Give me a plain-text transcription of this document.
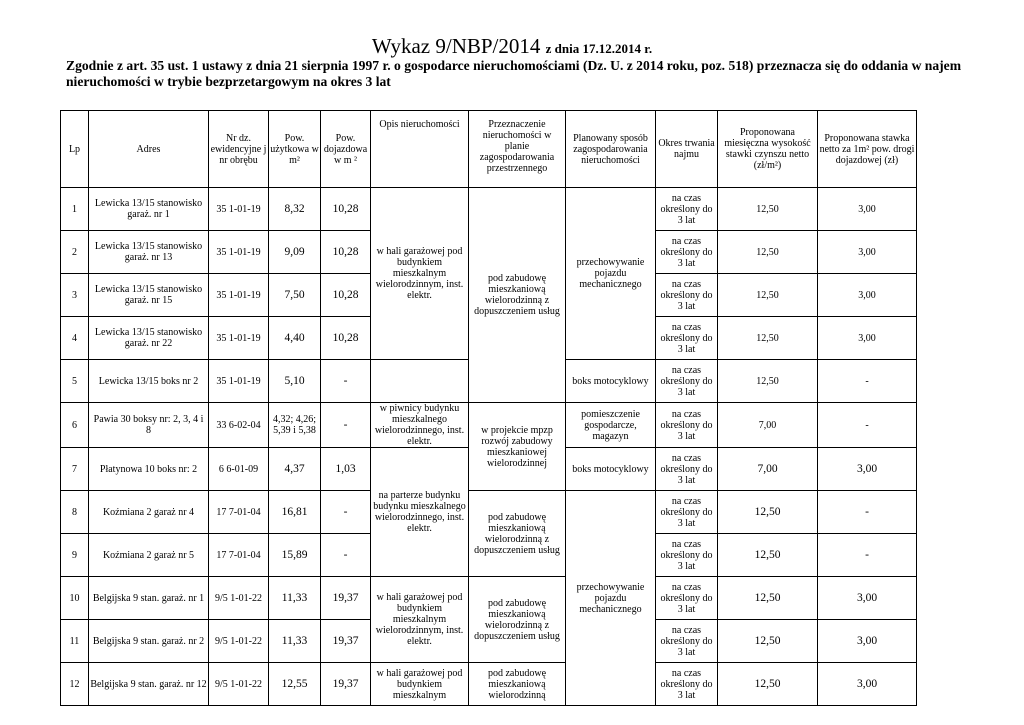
Wykaz 9/NBP/2014 z dnia 17.12.2014 r.
Zgodnie z art. 35 ust. 1 ustawy z dnia 21 sierpnia 1997 r. o gospodarce nieruchomościami (Dz. U. z 2014 roku, poz. 518) przeznacza się do oddania w najem nieruchomości w trybie bezprzetargowym na okres 3 lat
Lp	Adres	Nr dz. ewidencyjne j nr obrębu	Pow. użytkowa w m²	Pow. dojazdowa w m ²	Opis nieruchomości	Przeznaczenie nieruchomości w planie zagospodarowania przestrzennego	Planowany sposób zagospodarowania nieruchomości	Okres trwania najmu	Proponowana miesięczna wysokość stawki czynszu netto (zł/m²)	Proponowana stawka netto za 1m² pow. drogi dojazdowej (zł)
1	Lewicka 13/15 stanowisko garaż. nr 1	35 1-01-19	8,32	10,28	w hali garażowej pod budynkiem mieszkalnym wielorodzinnym, inst. elektr.	pod zabudowę mieszkaniową wielorodzinną z dopuszczeniem usług	przechowywanie pojazdu mechanicznego	na czas określony do 3 lat	12,50	3,00
2	Lewicka 13/15 stanowisko garaż. nr 13	35 1-01-19	9,09	10,28				na czas określony do 3 lat	12,50	3,00
3	Lewicka 13/15 stanowisko garaż. nr 15	35 1-01-19	7,50	10,28				na czas określony do 3 lat	12,50	3,00
4	Lewicka 13/15 stanowisko garaż. nr 22	35 1-01-19	4,40	10,28				na czas określony do 3 lat	12,50	3,00
5	Lewicka 13/15 boks nr 2	35 1-01-19	5,10	-			boks motocyklowy	na czas określony do 3 lat	12,50	-
6	Pawia 30 boksy nr: 2, 3, 4 i 8	33 6-02-04	4,32; 4,26; 5,39 i 5,38	-	w piwnicy budynku mieszkalnego wielorodzinnego, inst. elektr.	w projekcie mpzp rozwój zabudowy mieszkaniowej wielorodzinnej	pomieszczenie gospodarcze, magazyn	na czas określony do 3 lat	7,00	-
7	Płatynowa 10 boks nr: 2	6 6-01-09	4,37	1,03	na parterze budynku budynku mieszkalnego wielorodzinnego, inst. elektr.		boks motocyklowy	na czas określony do 3 lat	7,00	3,00
8	Koźmiana 2 garaż nr 4	17 7-01-04	16,81	-		pod zabudowę mieszkaniową wielorodzinną z dopuszczeniem usług	przechowywanie pojazdu mechanicznego	na czas określony do 3 lat	12,50	-
9	Koźmiana 2 garaż nr 5	17 7-01-04	15,89	-				na czas określony do 3 lat	12,50	-
10	Belgijska 9 stan. garaż. nr 1	9/5 1-01-22	11,33	19,37	w hali garażowej pod budynkiem mieszkalnym wielorodzinnym, inst. elektr.	pod zabudowę mieszkaniową wielorodzinną z dopuszczeniem usług		na czas określony do 3 lat	12,50	3,00
11	Belgijska 9 stan. garaż. nr 2	9/5 1-01-22	11,33	19,37				na czas określony do 3 lat	12,50	3,00
12	Belgijska 9 stan. garaż. nr 12	9/5 1-01-22	12,55	19,37	w hali garażowej pod budynkiem mieszkalnym	pod zabudowę mieszkaniową wielorodzinną		na czas określony do 3 lat	12,50	3,00
